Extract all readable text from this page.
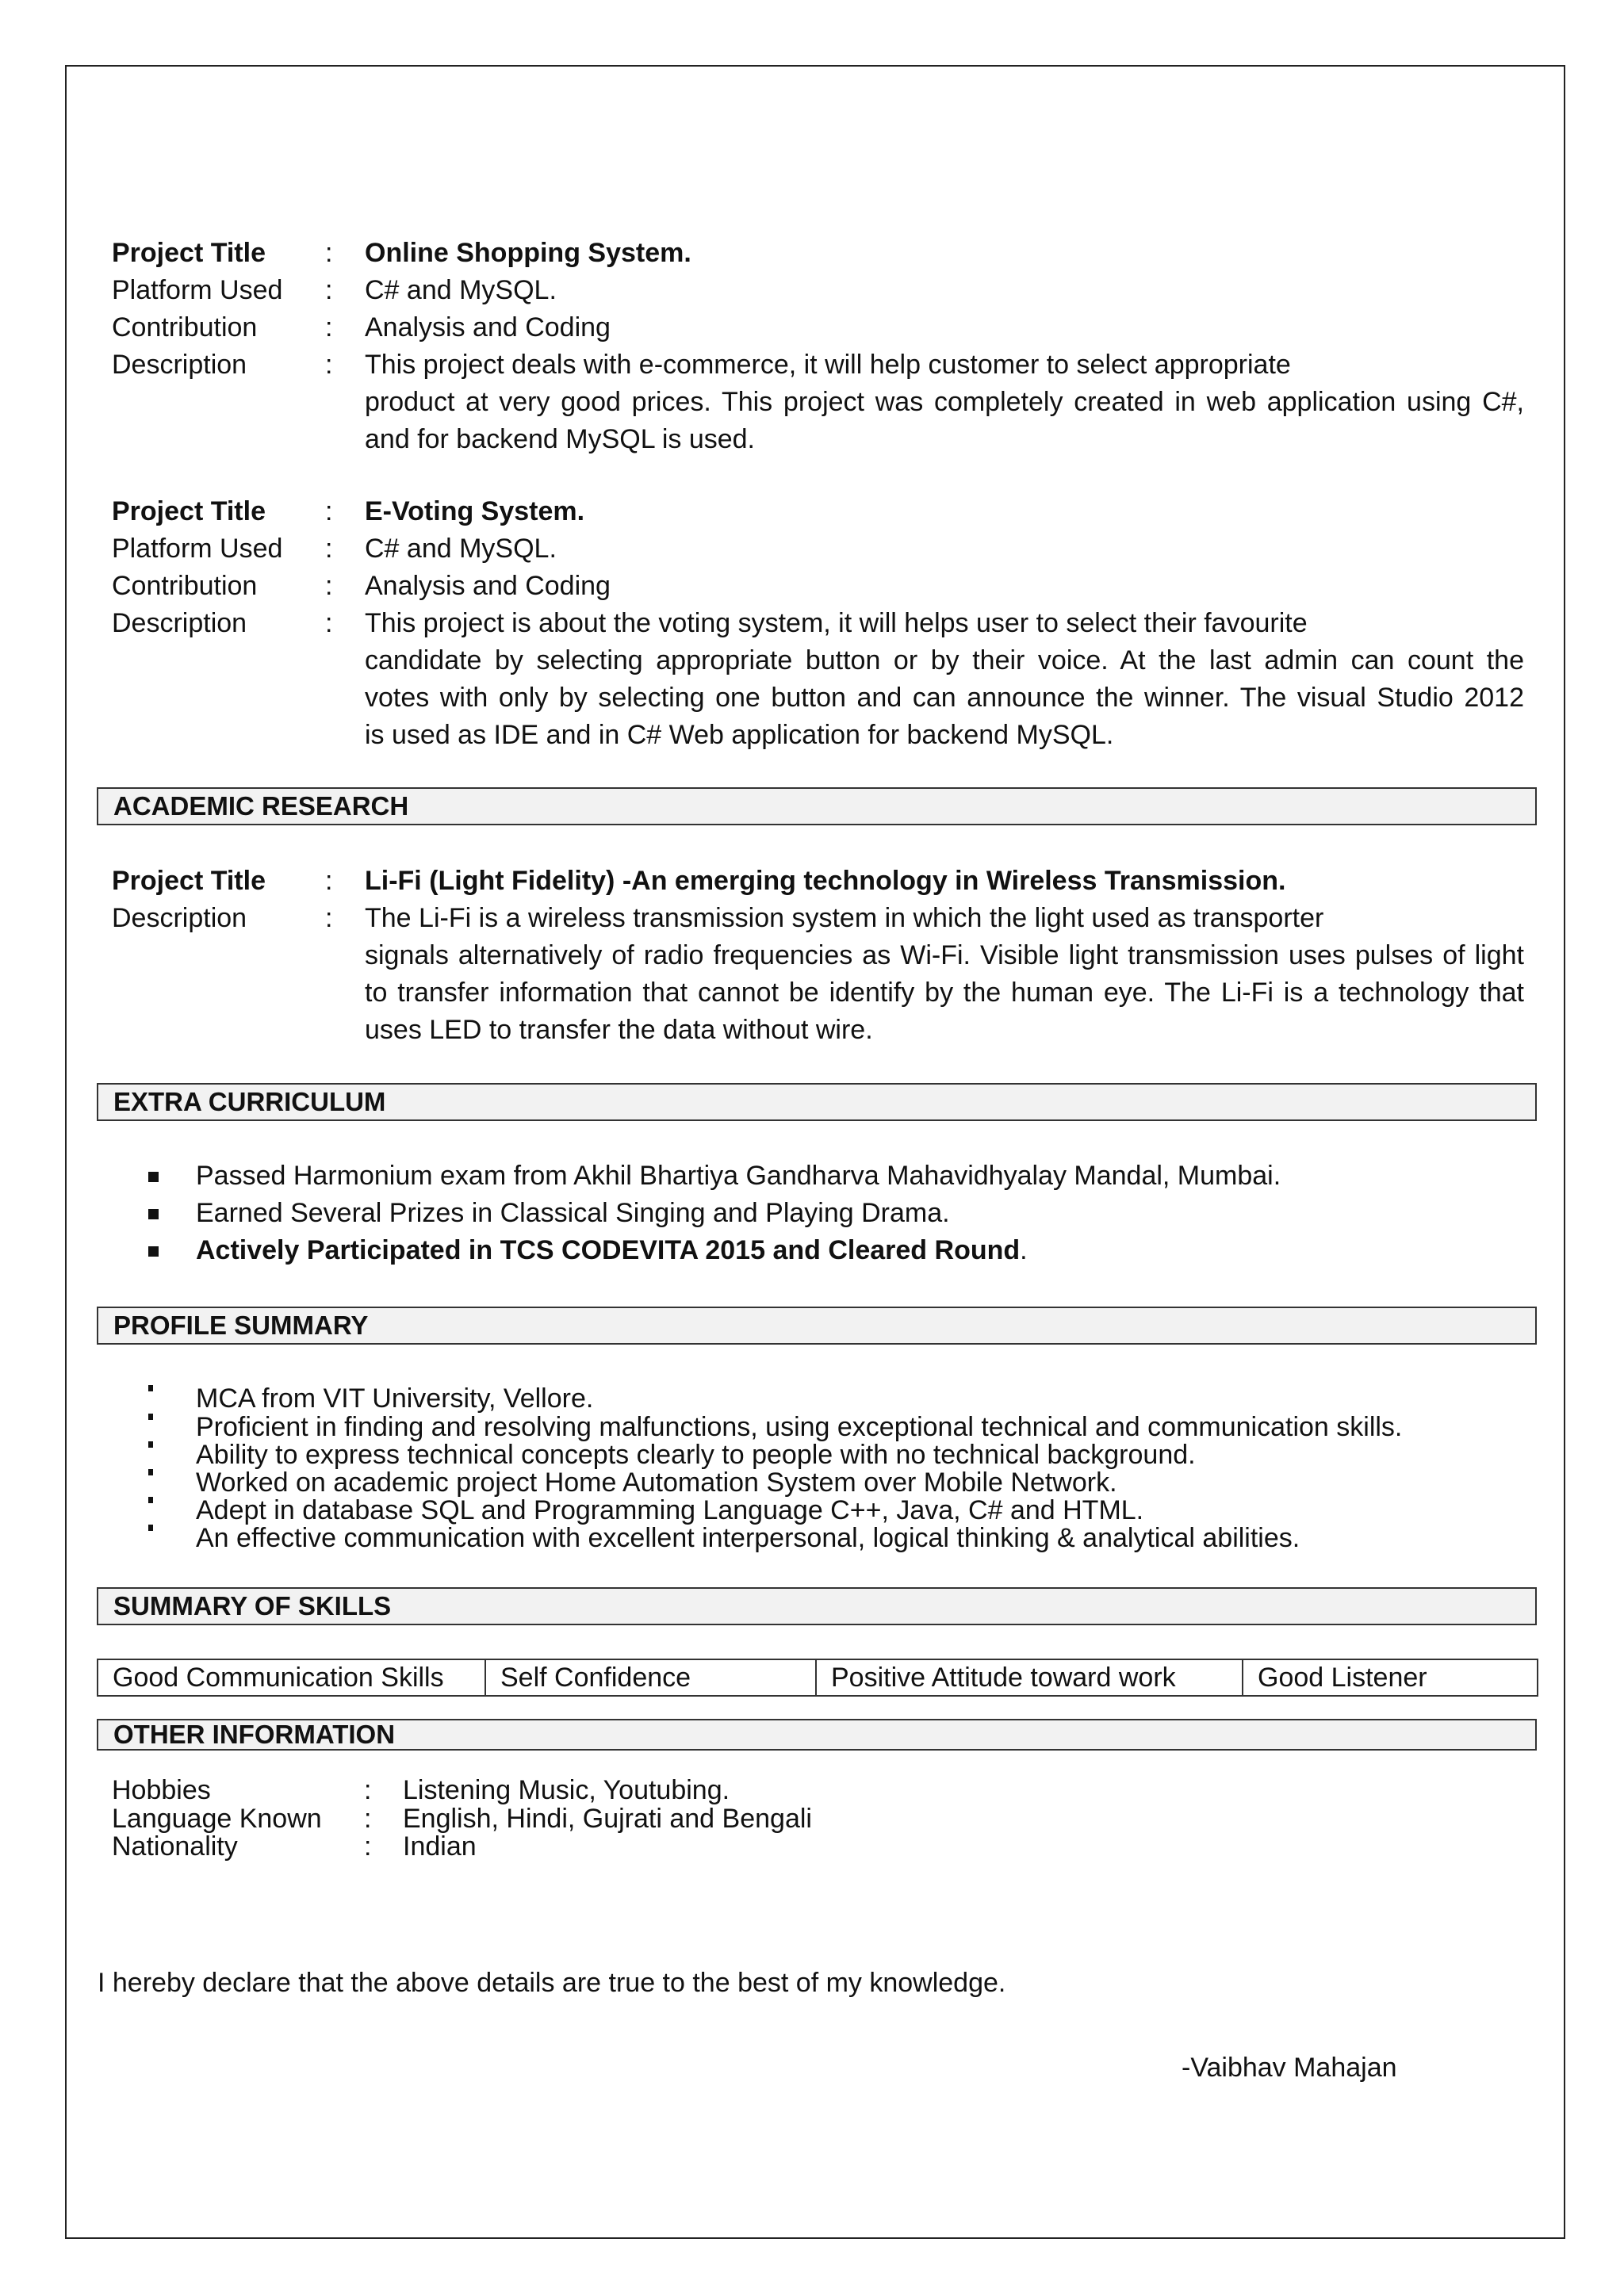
Project Title : Online Shopping System.
Platform Used : C# and MySQL.
Contribution	: Analysis and Coding
Description	: This project deals with e-commerce, it will help customer to select appropriate
product at very good prices. This project was completely created in web application using C#,
and for backend MySQL is used.
Project Title : E-Voting System.
Platform Used : C# and MySQL.
Contribution	: Analysis and Coding
Description	: This project is about the voting system, it will helps user to select their favourite
candidate by selecting appropriate button or by their voice. At the last admin can count the
votes with only by selecting one button and can announce the winner. The visual Studio 2012
is used as IDE and in C# Web application for backend MySQL.
ACADEMIC RESEARCH
Project Title : Li-Fi (Light Fidelity) -An emerging technology in Wireless Transmission.
Description	: The Li-Fi is a wireless transmission system in which the light used as transporter
signals alternatively of radio frequencies as Wi-Fi. Visible light transmission uses pulses of light
to transfer information that cannot be identify by the human eye. The Li-Fi is a technology that
uses LED to transfer the data without wire.
EXTRA CURRICULUM
Passed Harmonium exam from Akhil Bhartiya Gandharva Mahavidhyalay Mandal, Mumbai.
Earned Several Prizes in Classical Singing and Playing Drama.
Actively Participated in TCS CODEVITA 2015 and Cleared Round.
PROFILE SUMMARY
MCA from VIT University, Vellore.
Proficient in finding and resolving malfunctions, using exceptional technical and communication skills.
Ability to express technical concepts clearly to people with no technical background.
Worked on academic project Home Automation System over Mobile Network.
Adept in database SQL and Programming Language C++, Java, C# and HTML.
An effective communication with excellent interpersonal, logical thinking & analytical abilities.
SUMMARY OF SKILLS
Good Communication Skills	Self Confidence	Positive Attitude toward work	Good Listener
OTHER INFORMATION
Hobbies	: Listening Music, Youtubing.
Language Known : English, Hindi, Gujrati and Bengali
Nationality	: Indian
I hereby declare that the above details are true to the best of my knowledge.
-Vaibhav Mahajan
